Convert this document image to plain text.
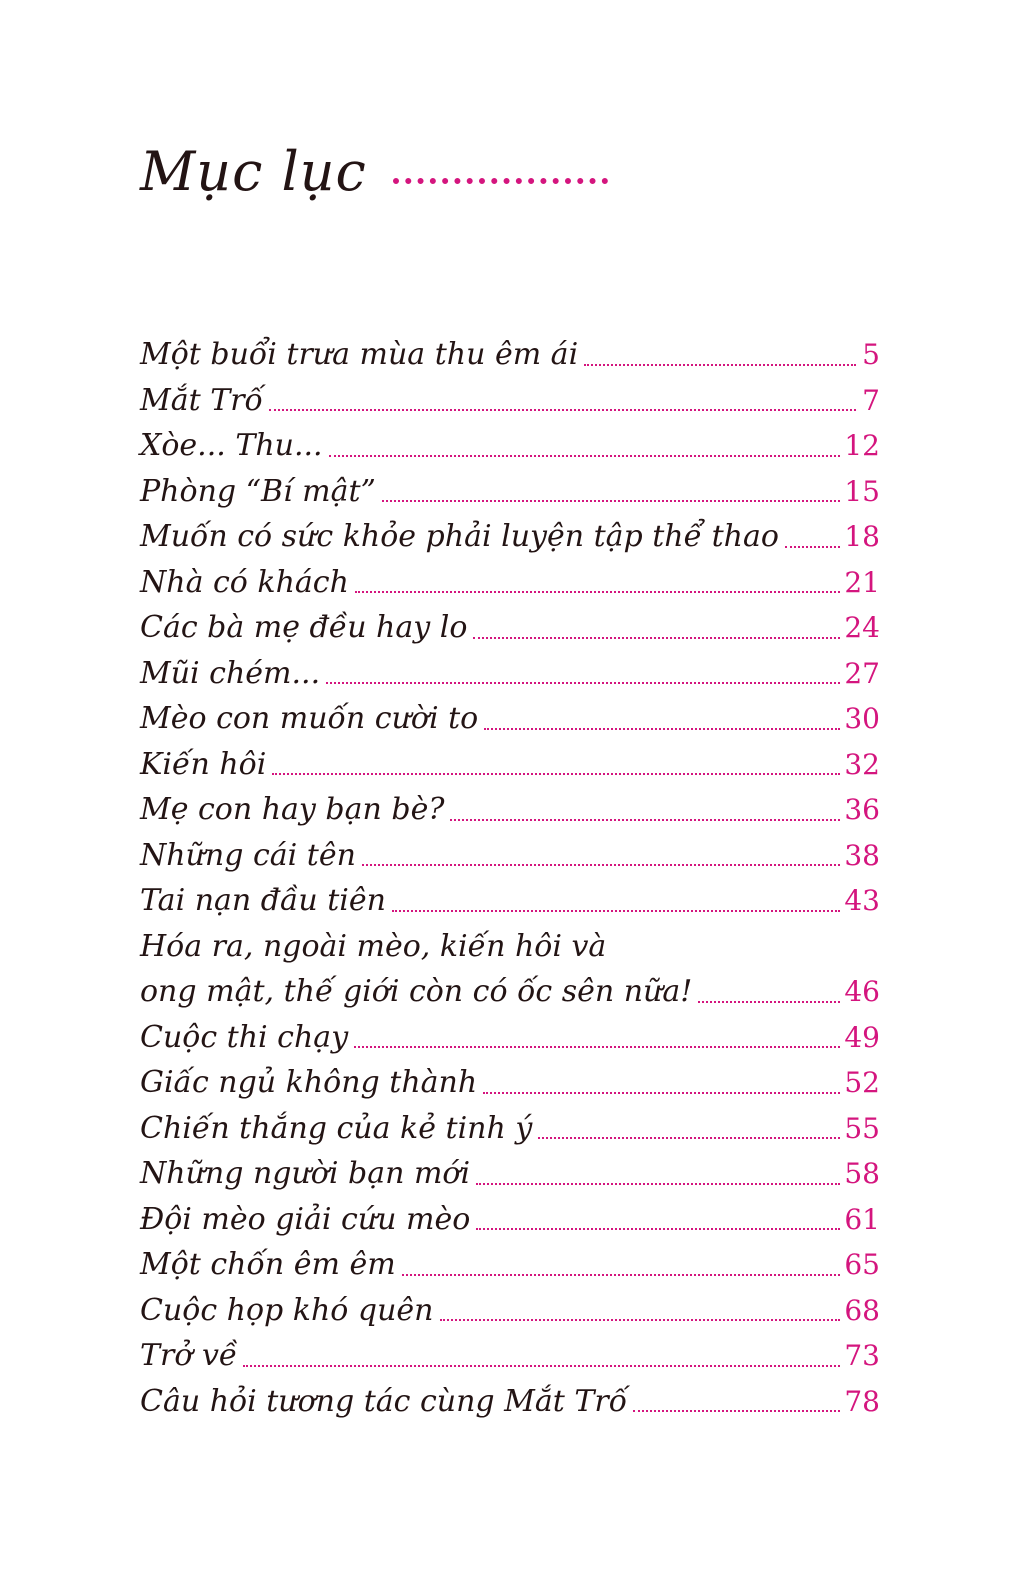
Mục lục
Một buổi trưa mùa thu êm ái	5
Mắt Trố	7
Xòe... Thu...	12
Phòng “Bí mật”	15
Muốn có sức khỏe phải luyện tập thể thao 18
Nhà có khách	21
Các bà mẹ đều hay lo	24
Mũi chém...	27
Mèo con muốn cười to	30
Kiến hôi	32
Mẹ con hay bạn bè?	36
Những cái tên	38
Tai nạn đầu tiên	43
Hóa ra, ngoài mèo, kiến hôi và
ong mật, thế giới còn có ốc sên nữa!	46
Cuộc thi chạy	49
Giấc ngủ không thành	52
Chiến thắng của kẻ tinh ý	55
Những người bạn mới	58
Đội mèo giải cứu mèo	61
Một chốn êm êm	65
Cuộc họp khó quên	68
Trở về	73
Câu hỏi tương tác cùng Mắt Trố	78
